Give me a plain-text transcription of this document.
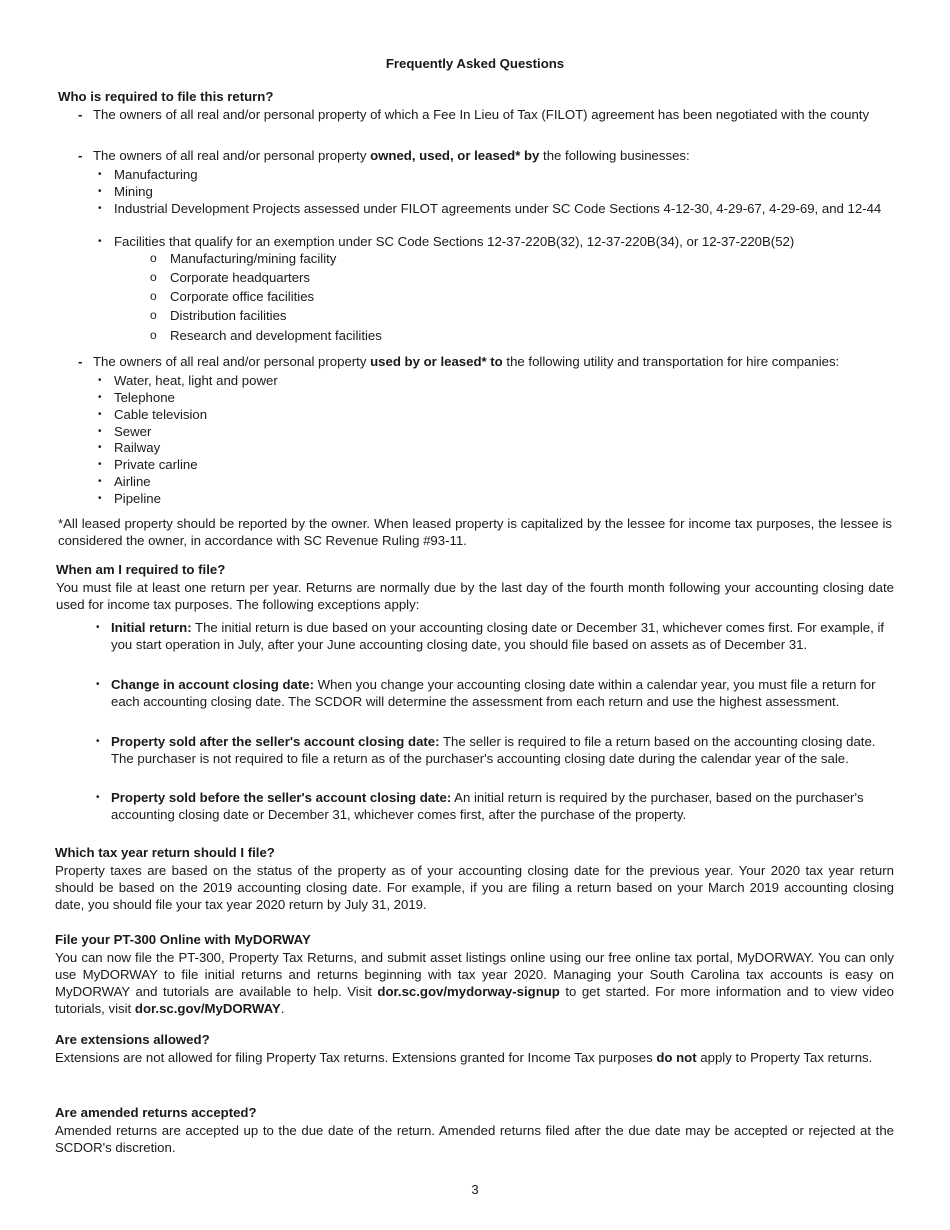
Frequently Asked Questions
Who is required to file this return?
- The owners of all real and/or personal property of which a Fee In Lieu of Tax (FILOT) agreement has been negotiated with the county
- The owners of all real and/or personal property owned, used, or leased* by the following businesses:
• Manufacturing
• Mining
• Industrial Development Projects assessed under FILOT agreements under SC Code Sections 4-12-30, 4-29-67, 4-29-69, and 12-44
• Facilities that qualify for an exemption under SC Code Sections 12-37-220B(32), 12-37-220B(34), or 12-37-220B(52)
o Manufacturing/mining facility
o Corporate headquarters
o Corporate office facilities
o Distribution facilities
o Research and development facilities
- The owners of all real and/or personal property used by or leased* to the following utility and transportation for hire companies:
• Water, heat, light and power
• Telephone
• Cable television
• Sewer
• Railway
• Private carline
• Airline
• Pipeline
*All leased property should be reported by the owner. When leased property is capitalized by the lessee for income tax purposes, the lessee is considered the owner, in accordance with SC Revenue Ruling #93-11.
When am I required to file?
You must file at least one return per year. Returns are normally due by the last day of the fourth month following your accounting closing date used for income tax purposes. The following exceptions apply:
• Initial return: The initial return is due based on your accounting closing date or December 31, whichever comes first. For example, if you start operation in July, after your June accounting closing date, you should file based on assets as of December 31.
• Change in account closing date: When you change your accounting closing date within a calendar year, you must file a return for each accounting closing date. The SCDOR will determine the assessment from each return and use the highest assessment.
• Property sold after the seller's account closing date: The seller is required to file a return based on the accounting closing date. The purchaser is not required to file a return as of the purchaser's accounting closing date during the calendar year of the sale.
• Property sold before the seller's account closing date: An initial return is required by the purchaser, based on the purchaser's accounting closing date or December 31, whichever comes first, after the purchase of the property.
Which tax year return should I file?
Property taxes are based on the status of the property as of your accounting closing date for the previous year. Your 2020 tax year return should be based on the 2019 accounting closing date. For example, if you are filing a return based on your March 2019 accounting closing date, you should file your tax year 2020 return by July 31, 2019.
File your PT-300 Online with MyDORWAY
You can now file the PT-300, Property Tax Returns, and submit asset listings online using our free online tax portal, MyDORWAY. You can only use MyDORWAY to file initial returns and returns beginning with tax year 2020. Managing your South Carolina tax accounts is easy on MyDORWAY and tutorials are available to help. Visit dor.sc.gov/mydorway-signup to get started. For more information and to view video tutorials, visit dor.sc.gov/MyDORWAY.
Are extensions allowed?
Extensions are not allowed for filing Property Tax returns. Extensions granted for Income Tax purposes do not apply to Property Tax returns.
Are amended returns accepted?
Amended returns are accepted up to the due date of the return. Amended returns filed after the due date may be accepted or rejected at the SCDOR's discretion.
3
